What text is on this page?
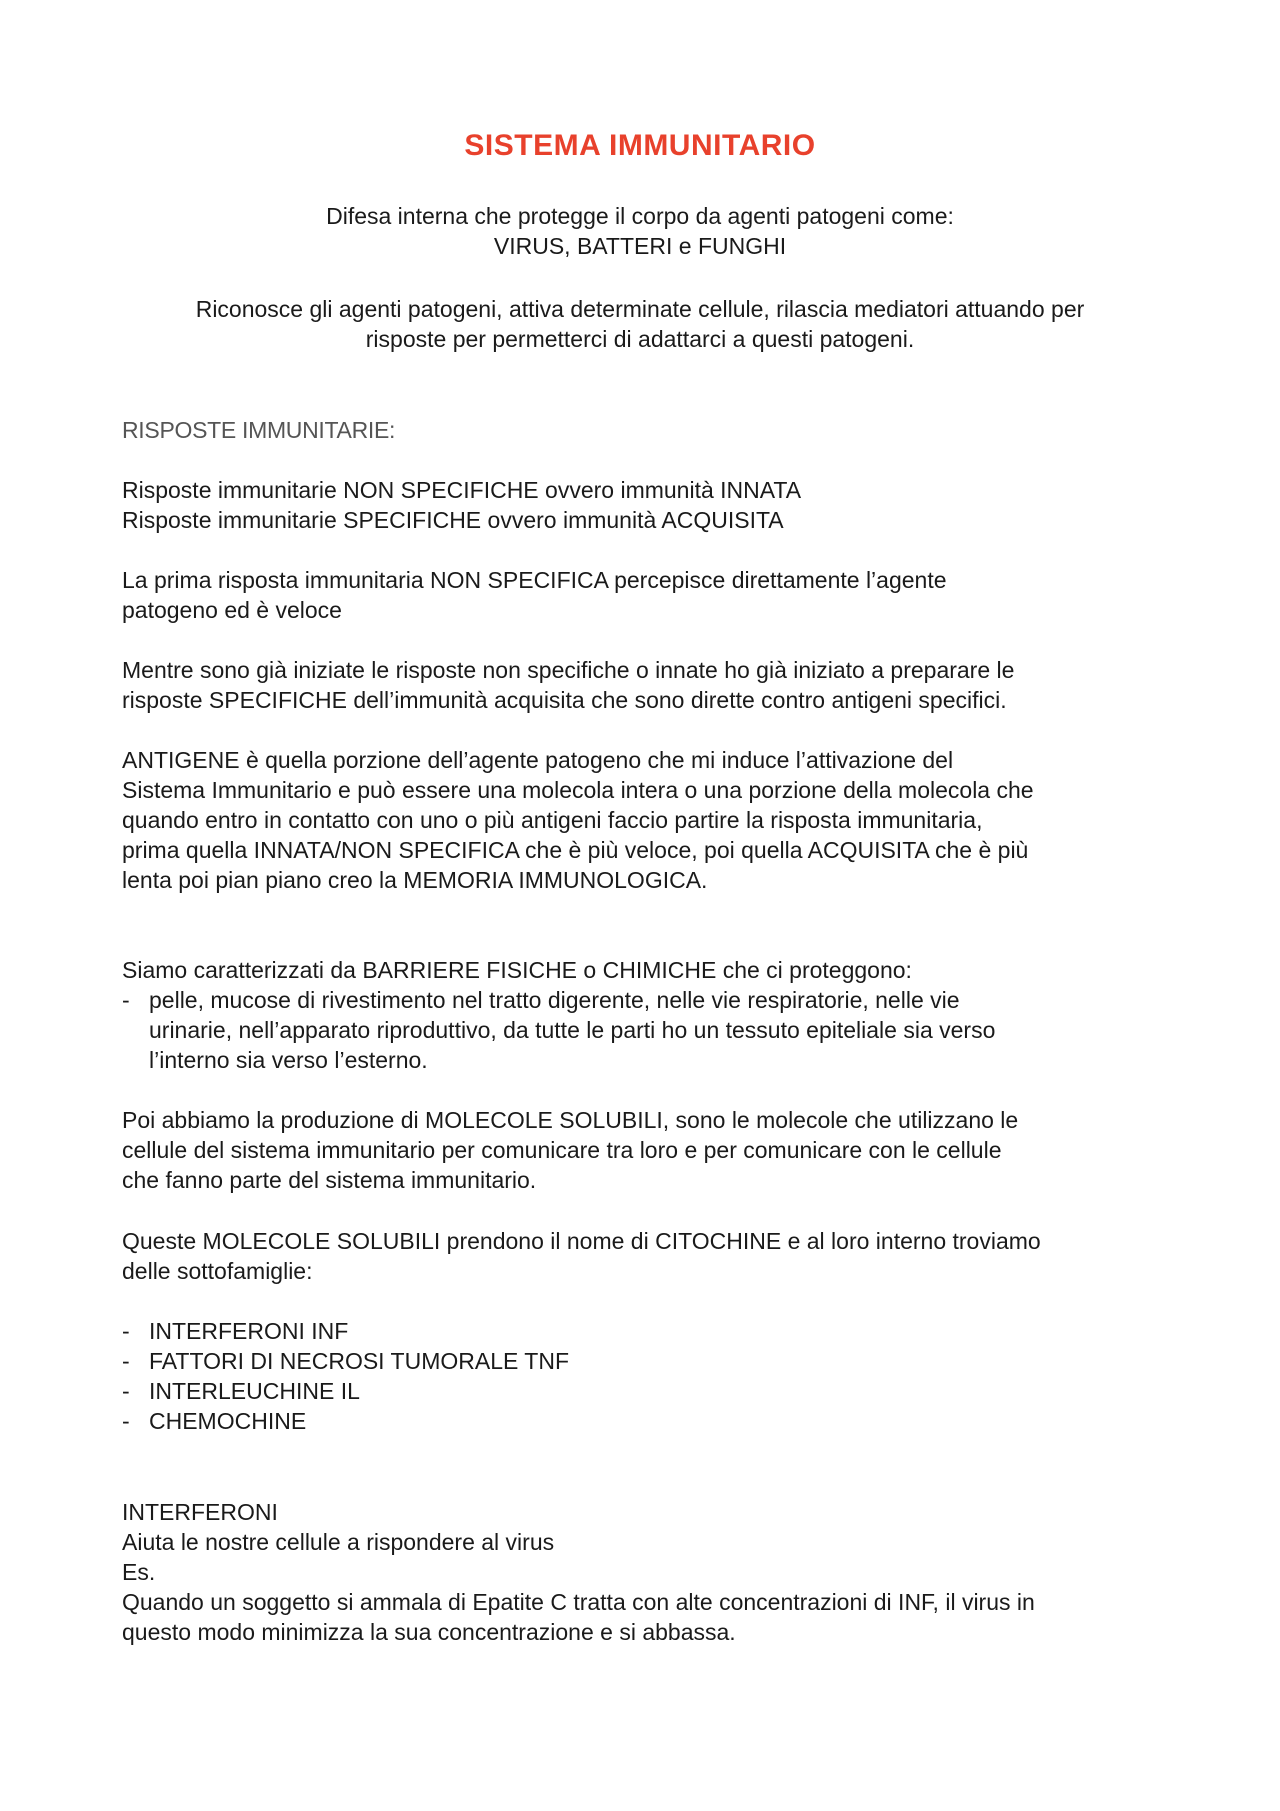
SISTEMA IMMUNITARIO
Difesa interna che protegge il corpo da agenti patogeni come:
VIRUS, BATTERI e FUNGHI
Riconosce gli agenti patogeni, attiva determinate cellule, rilascia mediatori attuando per
risposte per permetterci di adattarci a questi patogeni.
RISPOSTE IMMUNITARIE:
Risposte immunitarie NON SPECIFICHE ovvero immunità INNATA
Risposte immunitarie SPECIFICHE ovvero immunità ACQUISITA
La prima risposta immunitaria NON SPECIFICA percepisce direttamente l’agente
patogeno ed è veloce
Mentre sono già iniziate le risposte non specifiche o innate ho già iniziato a preparare le
risposte SPECIFICHE dell’immunità acquisita che sono dirette contro antigeni specifici.
ANTIGENE è quella porzione dell’agente patogeno che mi induce l’attivazione del
Sistema Immunitario e può essere una molecola intera o una porzione della molecola che
quando entro in contatto con uno o più antigeni faccio partire la risposta immunitaria,
prima quella INNATA/NON SPECIFICA che è più veloce, poi quella ACQUISITA che è più
lenta poi pian piano creo la MEMORIA IMMUNOLOGICA.
Siamo caratterizzati da BARRIERE FISICHE o CHIMICHE che ci proteggono:
- pelle, mucose di rivestimento nel tratto digerente, nelle vie respiratorie, nelle vie
urinarie, nell’apparato riproduttivo, da tutte le parti ho un tessuto epiteliale sia verso
l’interno sia verso l’esterno.
Poi abbiamo la produzione di MOLECOLE SOLUBILI, sono le molecole che utilizzano le
cellule del sistema immunitario per comunicare tra loro e per comunicare con le cellule
che fanno parte del sistema immunitario.
Queste MOLECOLE SOLUBILI prendono il nome di CITOCHINE e al loro interno troviamo
delle sottofamiglie:
- INTERFERONI INF
- FATTORI DI NECROSI TUMORALE TNF
- INTERLEUCHINE IL
- CHEMOCHINE
INTERFERONI
Aiuta le nostre cellule a rispondere al virus
Es.
Quando un soggetto si ammala di Epatite C tratta con alte concentrazioni di INF, il virus in
questo modo minimizza la sua concentrazione e si abbassa.
